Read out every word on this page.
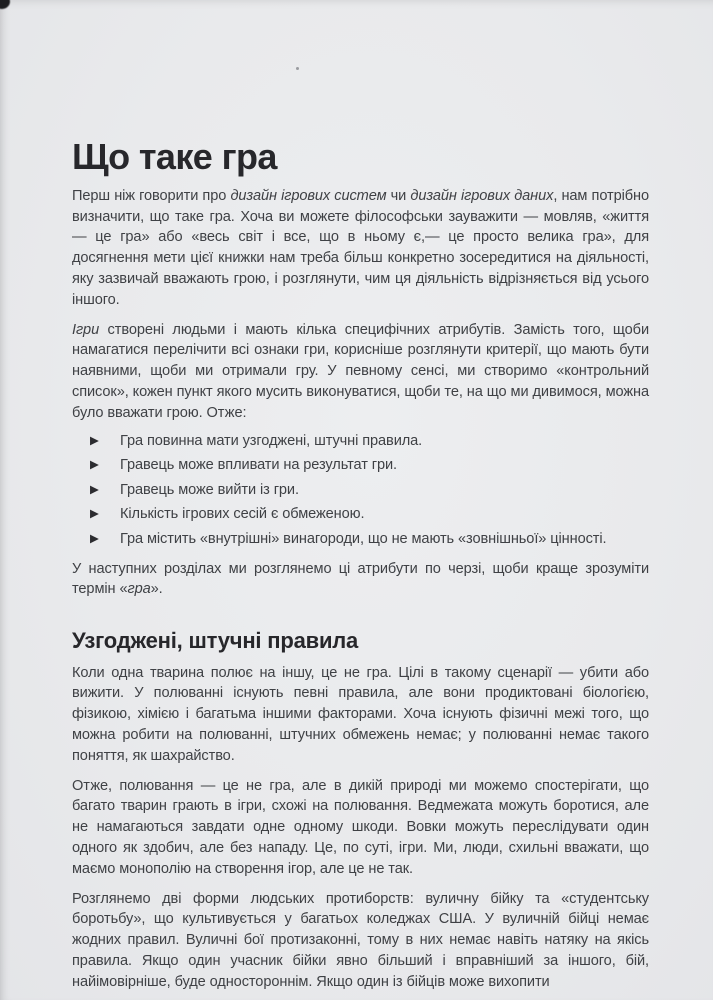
Що таке гра

Перш ніж говорити про дизайн ігрових систем чи дизайн ігрових даних, нам потрібно визначити, що таке гра. Хоча ви можете філософськи зауважити — мовляв, «життя — це гра» або «весь світ і все, що в ньому є,— це просто велика гра», для досягнення мети цієї книжки нам треба більш конкретно зосередитися на діяльності, яку зазвичай вважають грою, і розглянути, чим ця діяльність відрізняється від усього іншого.

Ігри створені людьми і мають кілька специфічних атрибутів. Замість того, щоби намагатися перелічити всі ознаки гри, корисніше розглянути критерії, що мають бути наявними, щоби ми отримали гру. У певному сенсі, ми створимо «контрольний список», кожен пункт якого мусить виконуватися, щоби те, на що ми дивимося, можна було вважати грою. Отже:

▶	Гра повинна мати узгоджені, штучні правила.
▶	Гравець може впливати на результат гри.
▶	Гравець може вийти із гри.
▶	Кількість ігрових сесій є обмеженою.
▶	Гра містить «внутрішні» винагороди, що не мають «зовнішньої» цінності.

У наступних розділах ми розглянемо ці атрибути по черзі, щоби краще зрозуміти термін «гра».

Узгоджені, штучні правила

Коли одна тварина полює на іншу, це не гра. Цілі в такому сценарії — убити або вижити. У полюванні існують певні правила, але вони продиктовані біологією, фізикою, хімією і багатьма іншими факторами. Хоча існують фізичні межі того, що можна робити на полюванні, штучних обмежень немає; у полюванні немає такого поняття, як шахрайство.

Отже, полювання — це не гра, але в дикій природі ми можемо спостерігати, що багато тварин грають в ігри, схожі на полювання. Ведмежата можуть боротися, але не намагаються завдати одне одному шкоди. Вовки можуть переслідувати один одного як здобич, але без нападу. Це, по суті, ігри. Ми, люди, схильні вважати, що маємо монополію на створення ігор, але це не так.

Розглянемо дві форми людських протиборств: вуличну бійку та «студентську боротьбу», що культивується у багатьох коледжах США. У вуличній бійці немає жодних правил. Вуличні бої протизаконні, тому в них немає навіть натяку на якісь правила. Якщо один учасник бійки явно більший і вправніший за іншого, бій, найімовірніше, буде одностороннім. Якщо один із бійців може вихопити
